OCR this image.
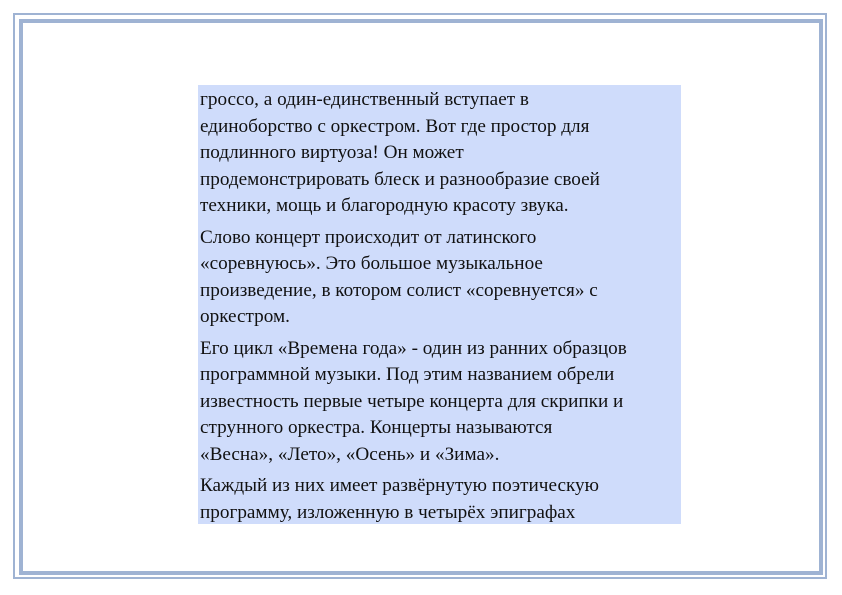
гроссо, а один-единственный вступает в
единоборство с оркестром. Вот где простор для
подлинного виртуоза! Он может
продемонстрировать блеск и разнообразие своей
техники, мощь и благородную красоту звука.

Слово концерт происходит от латинского
«соревнуюсь». Это большое музыкальное
произведение, в котором солист «соревнуется» с
оркестром.

Его цикл «Времена года» - один из ранних образцов
программной музыки. Под этим названием обрели
известность первые четыре концерта для скрипки и
струнного оркестра. Концерты называются
«Весна», «Лето», «Осень» и «Зима».

Каждый из них имеет развёрнутую поэтическую
программу, изложенную в четырёх эпиграфах
